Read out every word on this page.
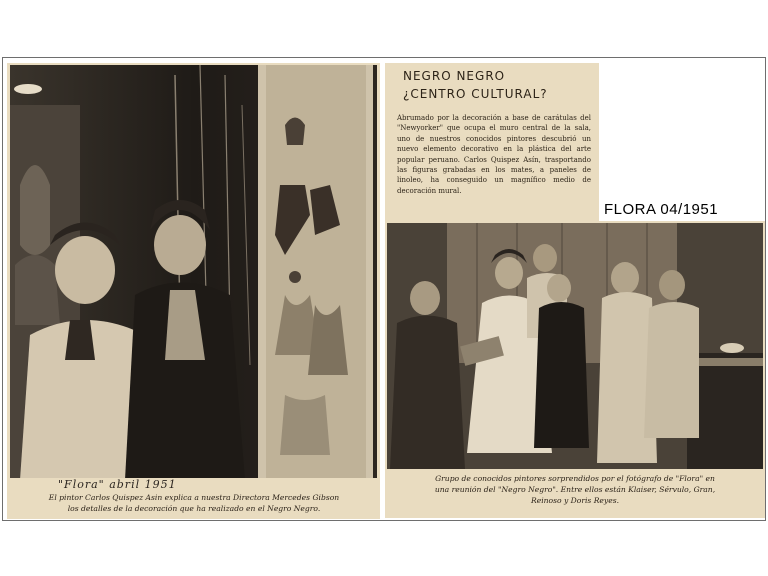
"Flora" abril 1951
El pintor Carlos Quispez Asin explica a nuestra Directora Mercedes Gibson
los detalles de la decoración que ha realizado en el Negro Negro.
NEGRO NEGRO
¿CENTRO CULTURAL?
Abrumado por la decoración a base de carátulas del "Newyorker" que ocupa el muro central de la sala, uno de nuestros conocidos pintores descubrió un nuevo elemento decorativo en la plástica del arte popular peruano. Carlos Quispez Asín, trasportando las figuras grabadas en los mates, a paneles de linoleo, ha conseguido un magnífico medio de decoración mural.
FLORA 04/1951
Grupo de conocidos pintores sorprendidos por el fotógrafo de "Flora" en
una reunión del "Negro Negro". Entre ellos están Klaiser, Sérvulo, Gran,
Reinoso y Doris Reyes.
